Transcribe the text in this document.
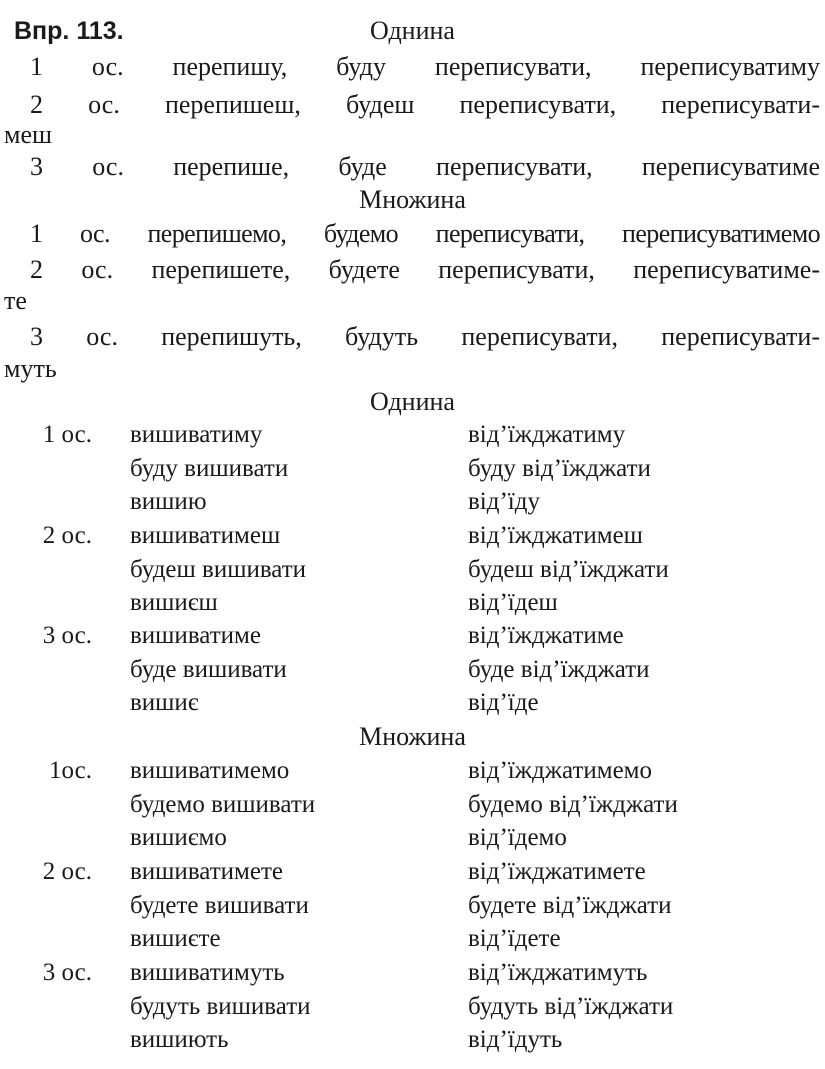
Впр. 113.	Однина
1 ос. перепишу, буду переписувати, переписуватиму
2 ос. перепишеш, будеш переписувати, переписувати-
меш
3 ос. перепише, буде переписувати, переписуватиме
Множина
1 ос. перепишемо, будемо переписувати, переписуватимемо
2 ос. перепишете, будете переписувати, переписуватиме-
те
3 ос. перепишуть, будуть переписувати, переписувати-
муть
Однина
Множина
1 ос. вишиватиму	від’їжджатиму
буду вишивати	буду від’їжджати
вишию	від’їду
2 ос. вишиватимеш	від’їжджатимеш
будеш вишивати	будеш від’їжджати
вишиєш	від’їдеш
3 ос. вишиватиме	від’їжджатиме
буде вишивати	буде від’їжджати
вишиє	від’їде
1ос. вишиватимемо	від’їжджатимемо
будемо вишивати	будемо від’їжджати
вишиємо	від’їдемо
2 ос. вишиватимете	від’їжджатимете
будете вишивати	будете від’їжджати
вишиєте	від’їдете
3 ос. вишиватимуть	від’їжджатимуть
будуть вишивати	будуть від’їжджати
вишиють	від’їдуть
